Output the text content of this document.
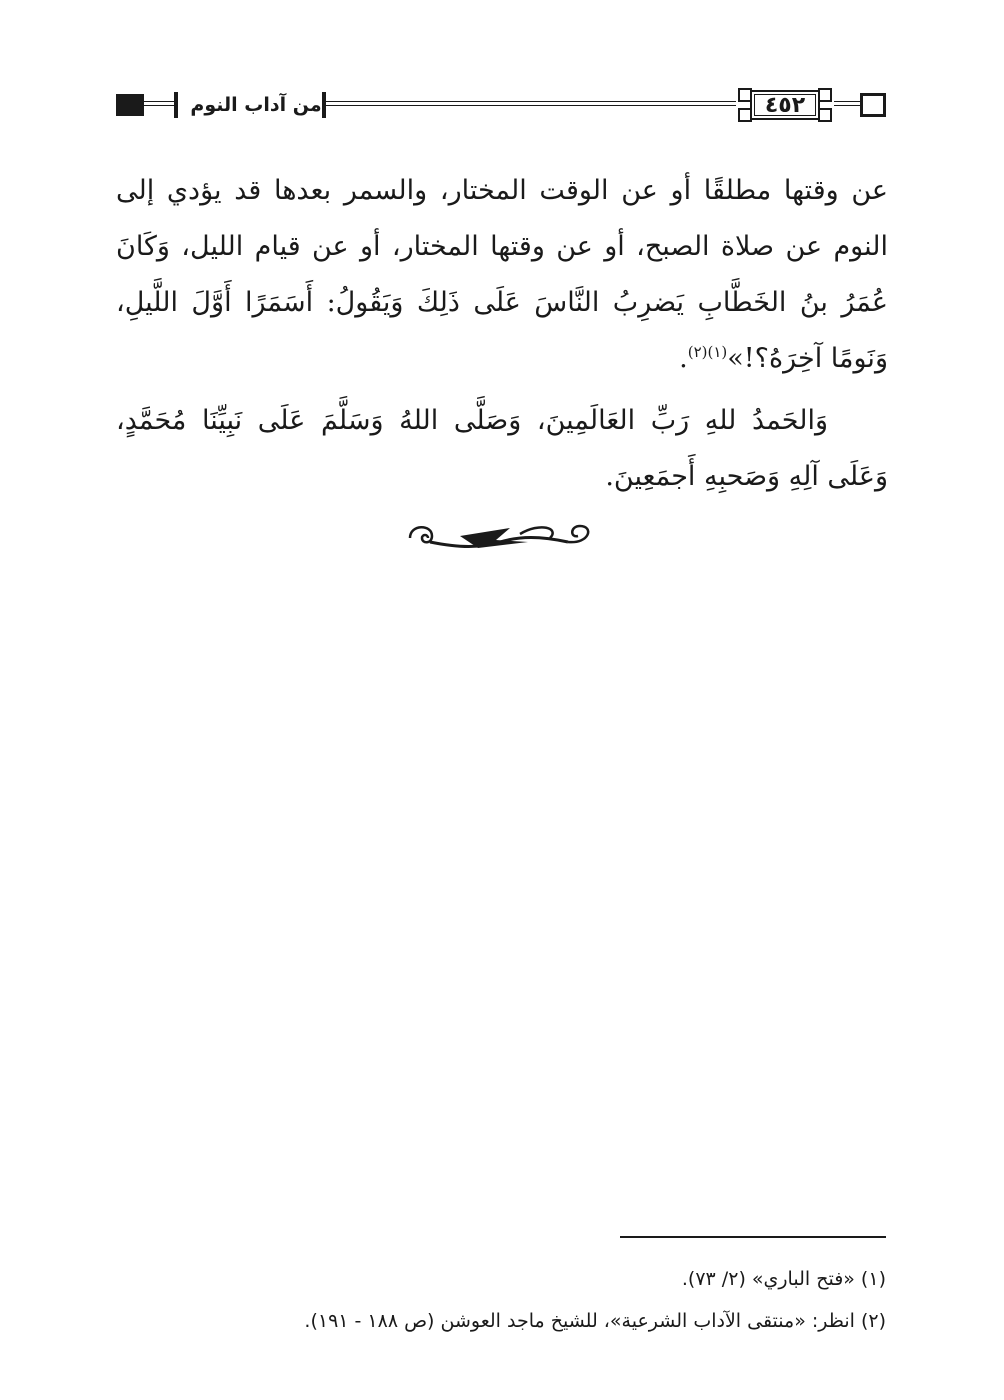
من آداب النوم	٤٥٢

عن وقتها مطلقًا أو عن الوقت المختار، والسمر بعدها قد يؤدي إلى النوم عن صلاة الصبح، أو عن وقتها المختار، أو عن قيام الليل، وَكَانَ عُمَرُ بنُ الخَطَّابِ يَضرِبُ النَّاسَ عَلَى ذَلِكَ وَيَقُولُ: أَسَمَرًا أَوَّلَ اللَّيلِ، وَنَومًا آخِرَهُ؟!»$^{(١)(٢)}$.

وَالحَمدُ للهِ رَبِّ العَالَمِينَ، وَصَلَّى اللهُ وَسَلَّمَ عَلَى نَبِيِّنَا مُحَمَّدٍ، وَعَلَى آلِهِ وَصَحبِهِ أَجمَعِينَ.

(١) «فتح الباري» (٢/ ٧٣).
(٢) انظر: «منتقى الآداب الشرعية»، للشيخ ماجد العوشن (ص ١٨٨ - ١٩١).
